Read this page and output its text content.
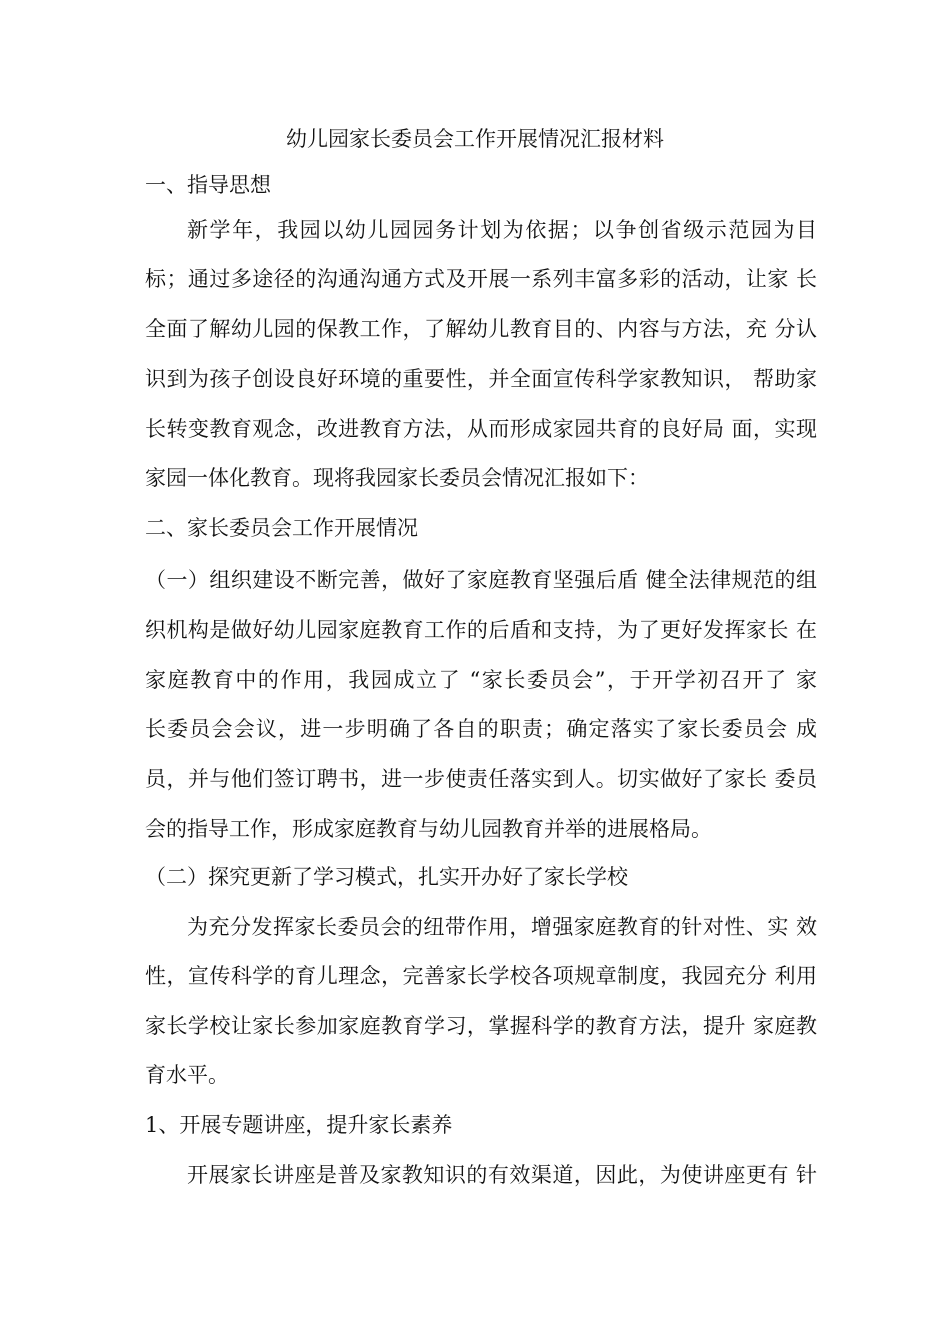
幼儿园家长委员会工作开展情况汇报材料
一、指导思想
新学年，我园以幼儿园园务计划为依据；以争创省级示范园为目
标；通过多途径的沟通沟通方式及开展一系列丰富多彩的活动，让家 长
全面了解幼儿园的保教工作，了解幼儿教育目的、内容与方法，充 分认
识到为孩子创设良好环境的重要性，并全面宣传科学家教知识， 帮助家
长转变教育观念，改进教育方法，从而形成家园共育的良好局 面，实现
家园一体化教育。现将我园家长委员会情况汇报如下：
二、家长委员会工作开展情况
（一）组织建设不断完善，做好了家庭教育坚强后盾 健全法律规范的组
织机构是做好幼儿园家庭教育工作的后盾和支持，为了更好发挥家长 在
家庭教育中的作用，我园成立了 “家长委员会”，于开学初召开了 家
长委员会会议，进一步明确了各自的职责；确定落实了家长委员会 成
员，并与他们签订聘书，进一步使责任落实到人。切实做好了家长 委员
会的指导工作，形成家庭教育与幼儿园教育并举的进展格局。
（二）探究更新了学习模式，扎实开办好了家长学校
为充分发挥家长委员会的纽带作用，增强家庭教育的针对性、实 效
性，宣传科学的育儿理念，完善家长学校各项规章制度，我园充分 利用
家长学校让家长参加家庭教育学习，掌握科学的教育方法，提升 家庭教
育水平。
1、开展专题讲座，提升家长素养
开展家长讲座是普及家教知识的有效渠道，因此，为使讲座更有 针
